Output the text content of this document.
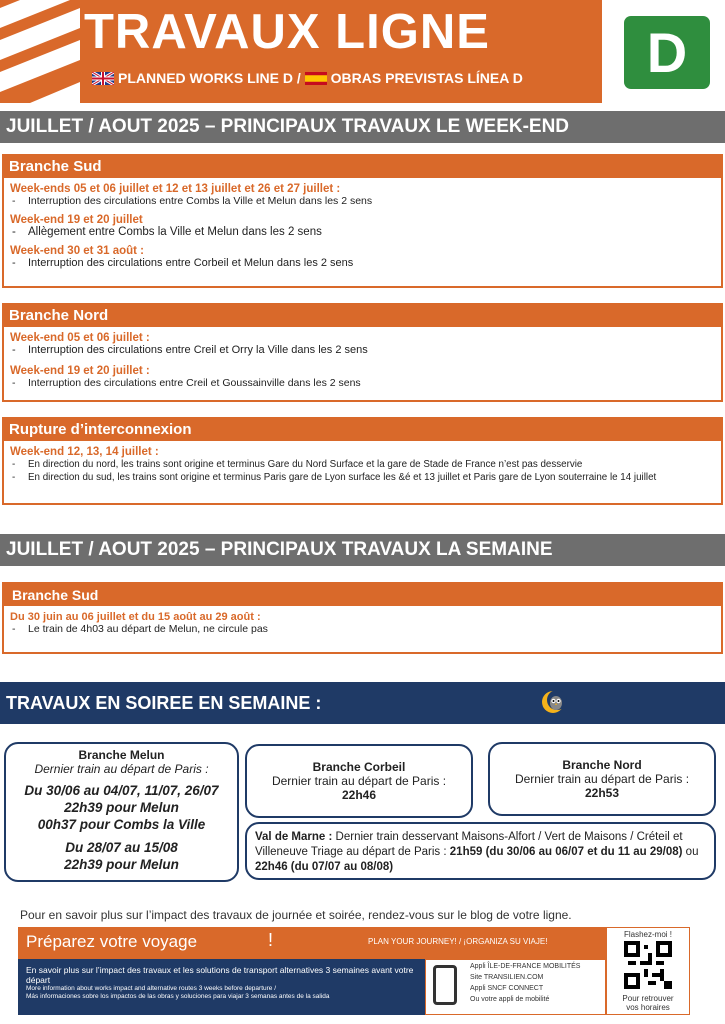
TRAVAUX LIGNE
PLANNED WORKS LINE D / OBRAS PREVISTAS LÍNEA D	D
JUILLET / AOUT 2025 – PRINCIPAUX TRAVAUX LE WEEK-END
Branche Sud
Week-ends 05 et 06 juillet et 12 et 13 juillet et 26 et 27 juillet :
- Interruption des circulations entre Combs la Ville et Melun dans les 2 sens
Week-end 19 et 20 juillet
- Allègement entre Combs la Ville et Melun dans les 2 sens
Week-end 30 et 31 août :
- Interruption des circulations entre Corbeil et Melun dans les 2 sens
Branche Nord
Week-end 05 et 06 juillet :
- Interruption des circulations entre Creil et Orry la Ville dans les 2 sens
Week-end 19 et 20 juillet :
- Interruption des circulations entre Creil et Goussainville dans les 2 sens
Rupture d’interconnexion
Week-end 12, 13, 14 juillet :
- En direction du nord, les trains sont origine et terminus Gare du Nord Surface et la gare de Stade de France n’est pas desservie
- En direction du sud, les trains sont origine et terminus Paris gare de Lyon surface les &é et 13 juillet et Paris gare de Lyon souterraine le 14 juillet
JUILLET / AOUT 2025 – PRINCIPAUX TRAVAUX LA SEMAINE
Branche Sud
Du 30 juin au 06 juillet et du 15 août au 29 août :
- Le train de 4h03 au départ de Melun, ne circule pas
TRAVAUX EN SOIREE EN SEMAINE :
Branche Melun
Dernier train au départ de Paris :
Du 30/06 au 04/07, 11/07, 26/07
22h39 pour Melun
00h37 pour Combs la Ville
Du 28/07 au 15/08
22h39 pour Melun
Branche Corbeil
Dernier train au départ de Paris :
22h46
Branche Nord
Dernier train au départ de Paris :
22h53
Val de Marne : Dernier train desservant Maisons-Alfort / Vert de Maisons / Créteil et Villeneuve Triage au départ de Paris : 21h59 (du 30/06 au 06/07 et du 11 au 29/08) ou 22h46 (du 07/07 au 08/08)
Pour en savoir plus sur l’impact des travaux de journée et soirée, rendez-vous sur le blog de votre ligne.
Préparez votre voyage	!	PLAN YOUR JOURNEY! / ¡ORGANIZA SU VIAJE!
En savoir plus sur l’impact des travaux et les solutions de transport alternatives 3 semaines avant votre départ
More information about works impact and alternative routes 3 weeks before departure /
Más informaciones sobre los impactos de las obras y soluciones para viajar 3 semanas antes de la salida
Appli ÎLE-DE-FRANCE MOBILITÉS
Site TRANSILIEN.COM
Appli SNCF CONNECT
Ou votre appli de mobilité
Flashez-moi !
Pour retrouver
vos horaires
